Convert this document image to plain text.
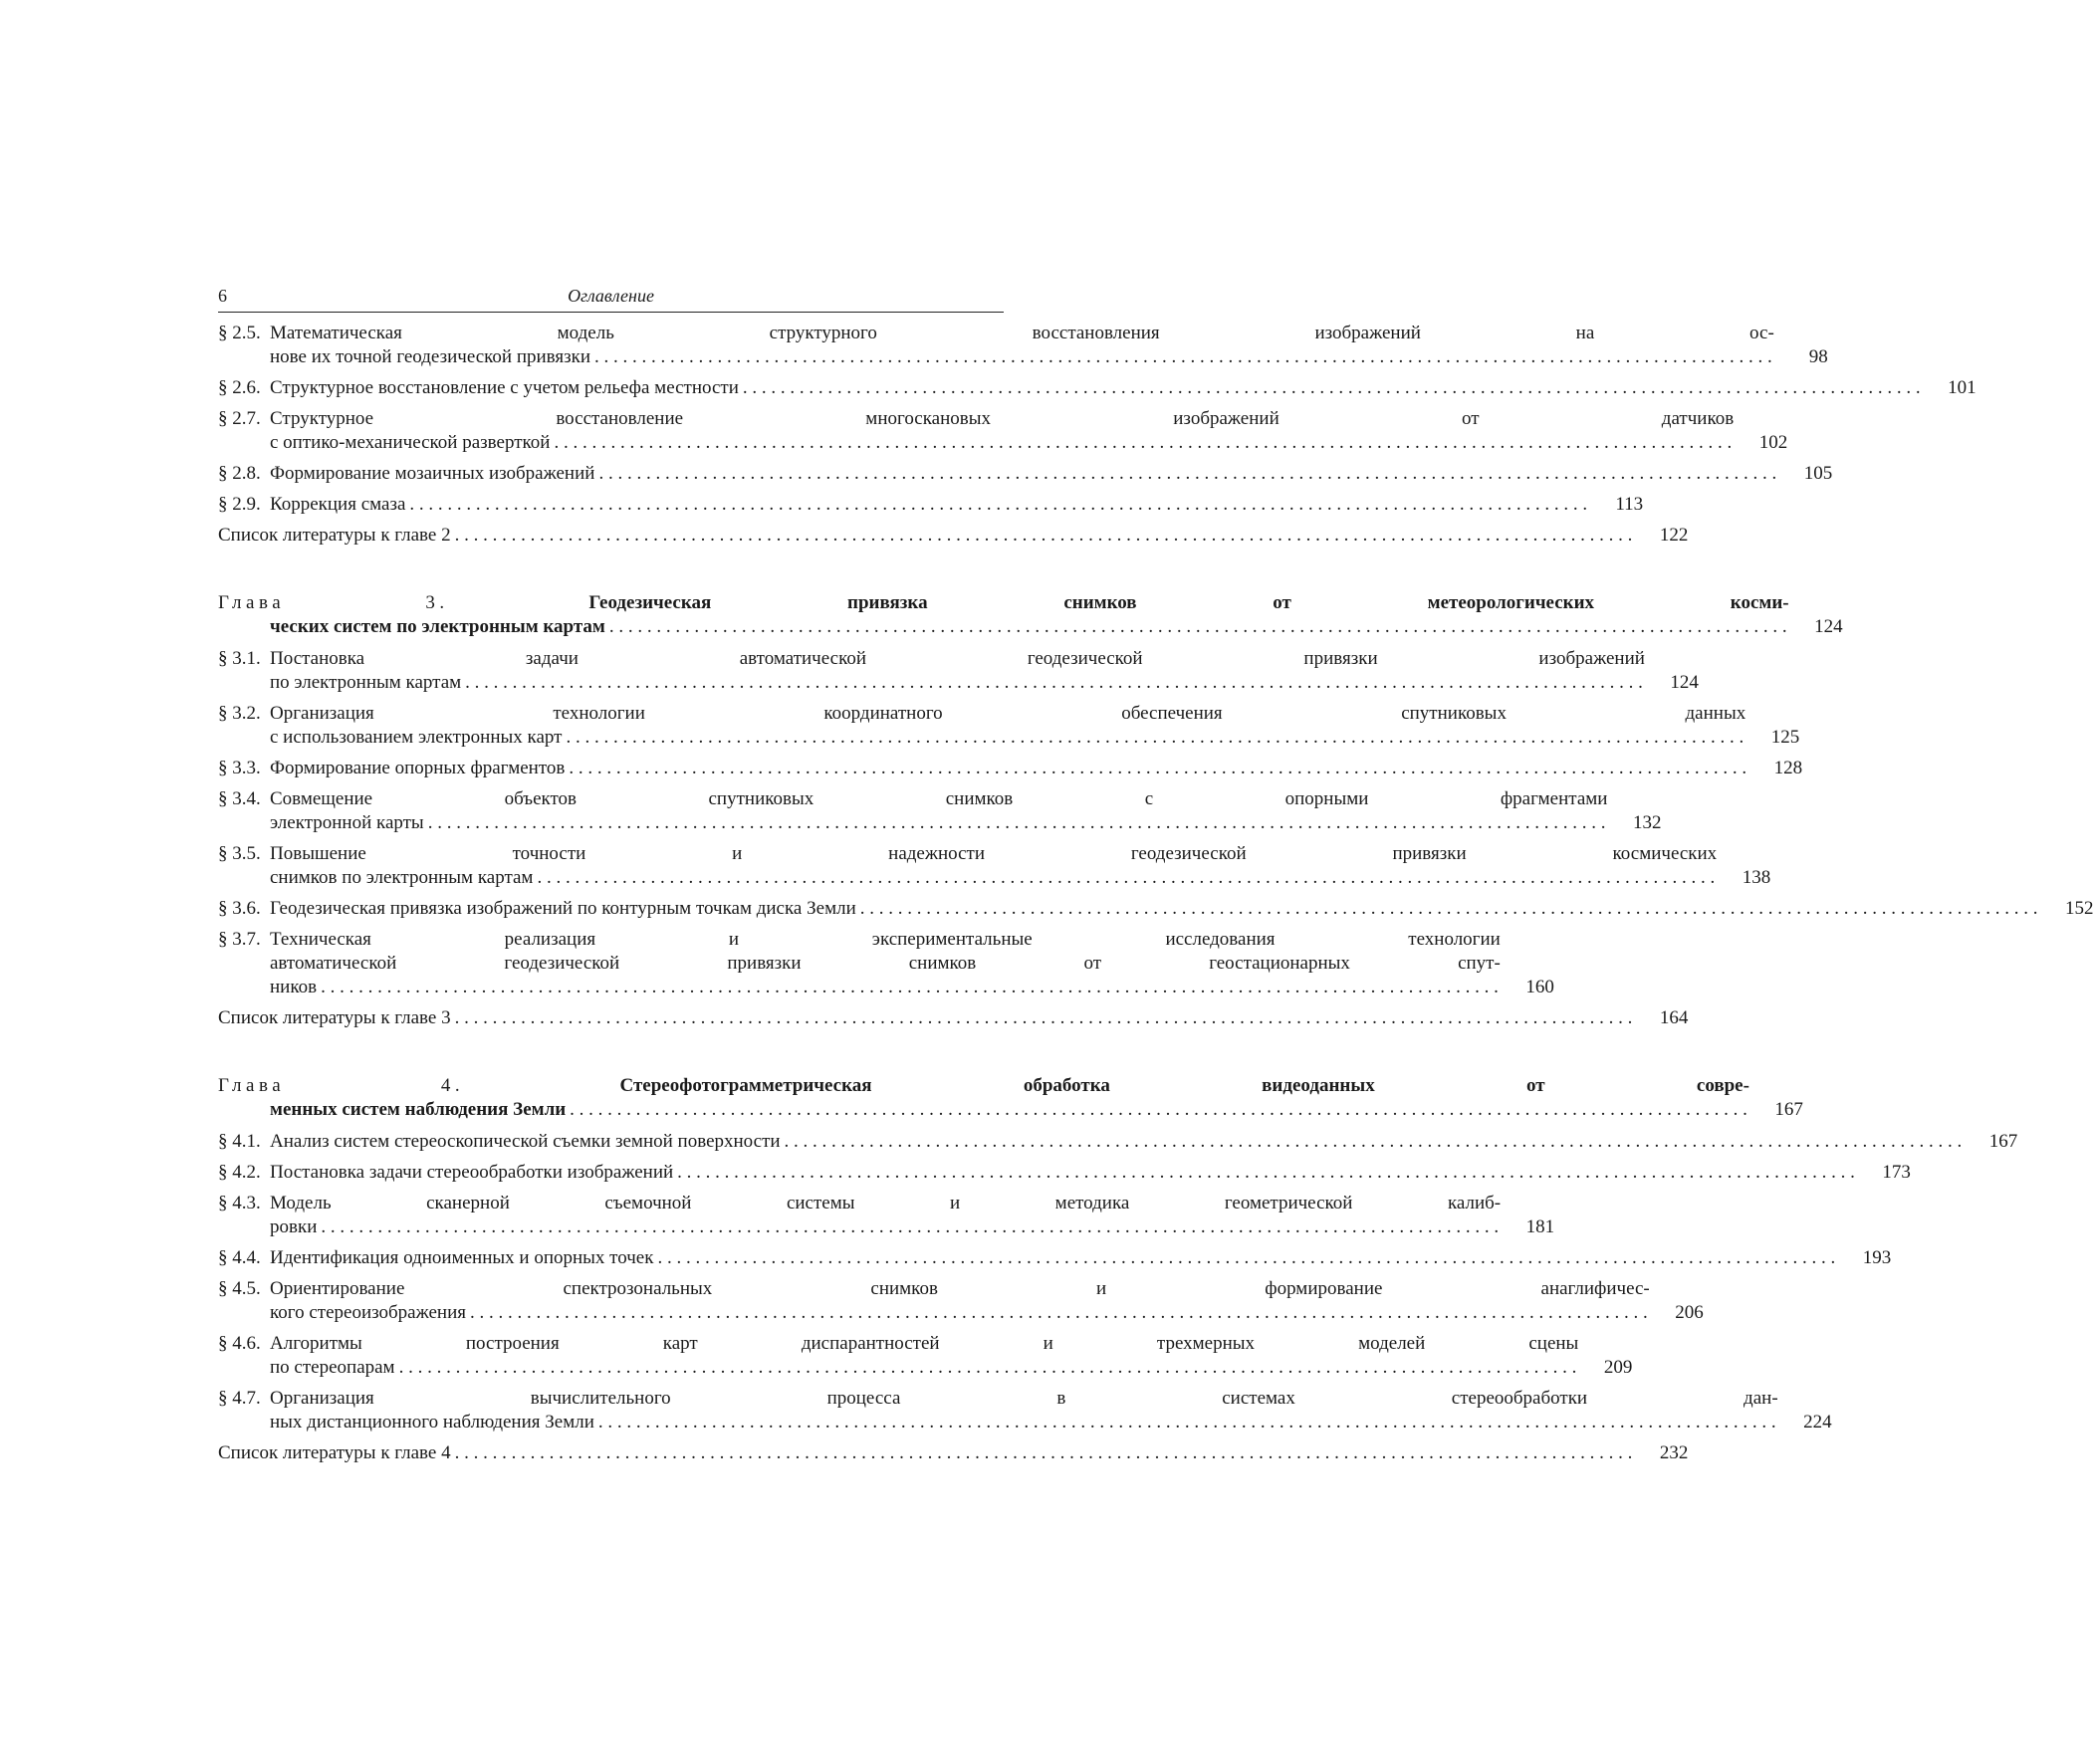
6	Оглавление
§ 2.5. Математическая модель структурного восстановления изображений на ос-
нове их точной геодезической привязки . . .	98
§ 2.6. Структурное восстановление с учетом рельефа местности . . .	101
§ 2.7. Структурное восстановление многоскановых изображений от датчиков
с оптико-механической разверткой . . .	102
§ 2.8. Формирование мозаичных изображений . . .	105
§ 2.9. Коррекция смаза . . .	113
Список литературы к главе 2 . . .	122
Глава 3.	Геодезическая привязка снимков от метеорологических косми-
ческих систем по электронным картам . . .	124
§ 3.1. Постановка задачи автоматической геодезической привязки изображений
по электронным картам . . .	124
§ 3.2. Организация технологии координатного обеспечения спутниковых данных
с использованием электронных карт . . .	125
§ 3.3. Формирование опорных фрагментов . . .	128
§ 3.4. Совмещение объектов спутниковых снимков с опорными фрагментами
электронной карты . . .	132
§ 3.5. Повышение точности и надежности геодезической привязки космических
снимков по электронным картам . . .	138
§ 3.6. Геодезическая привязка изображений по контурным точкам диска Земли . . .	152
§ 3.7. Техническая реализация и экспериментальные исследования технологии
автоматической геодезической привязки снимков от геостационарных спут-
ников . . .	160
Список литературы к главе 3 . . .	164
Глава 4.	Стереофотограмметрическая обработка видеоданных от совре-
менных систем наблюдения Земли . . .	167
§ 4.1. Анализ систем стереоскопической съемки земной поверхности . . .	167
§ 4.2. Постановка задачи стереообработки изображений . . .	173
§ 4.3. Модель сканерной съемочной системы и методика геометрической калиб-
ровки . . .	181
§ 4.4. Идентификация одноименных и опорных точек . . .	193
§ 4.5. Ориентирование спектрозональных снимков и формирование анаглифичес-
кого стереоизображения . . .	206
§ 4.6. Алгоритмы построения карт диспарантностей и трехмерных моделей сцены
по стереопарам . . .	209
§ 4.7. Организация вычислительного процесса в системах стереообработки дан-
ных дистанционного наблюдения Земли . . .	224
Список литературы к главе 4 . . .	232
